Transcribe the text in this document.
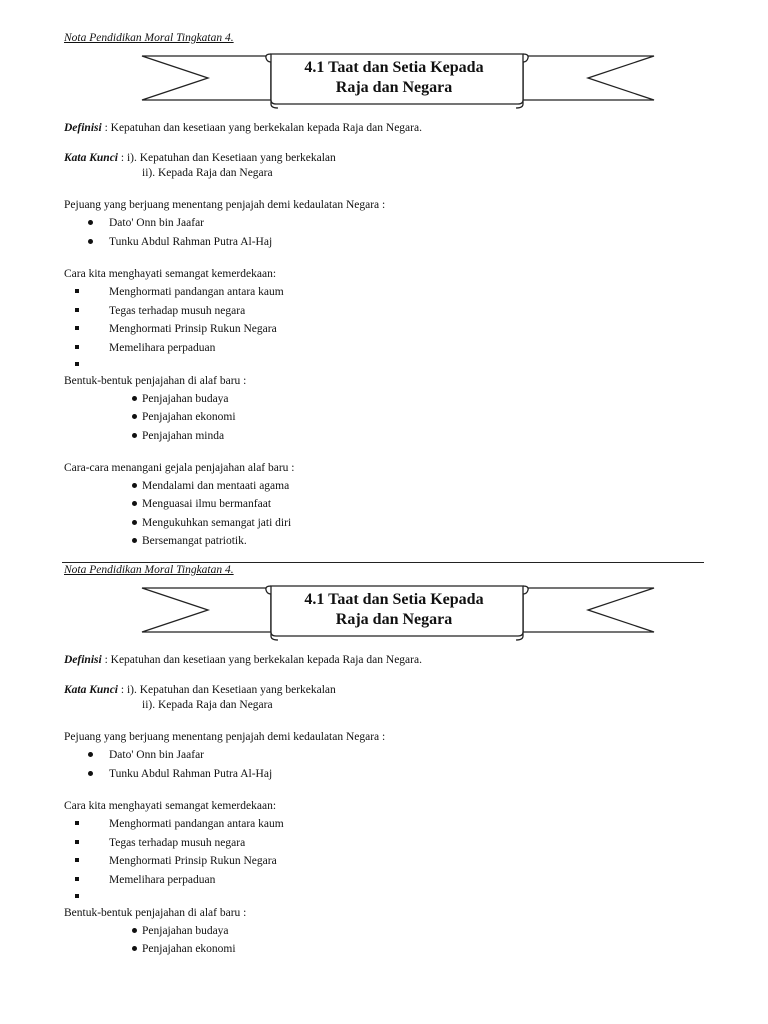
Nota Pendidikan Moral Tingkatan 4.
4.1 Taat dan Setia Kepada
Raja dan Negara
Definisi : Kepatuhan dan kesetiaan yang berkekalan kepada Raja dan Negara.
Kata Kunci : i). Kepatuhan dan Kesetiaan yang berkekalan
ii). Kepada Raja dan Negara
Pejuang yang berjuang menentang penjajah demi kedaulatan Negara :
Dato' Onn bin Jaafar
Tunku Abdul Rahman Putra Al-Haj
Cara kita menghayati semangat kemerdekaan:
Menghormati pandangan antara kaum
Tegas terhadap musuh negara
Menghormati Prinsip Rukun Negara
Memelihara perpaduan
Bentuk-bentuk penjajahan di alaf baru :
Penjajahan budaya
Penjajahan ekonomi
Penjajahan minda
Cara-cara menangani gejala penjajahan alaf baru :
Mendalami dan mentaati agama
Menguasai ilmu bermanfaat
Mengukuhkan semangat jati diri
Bersemangat patriotik.
Nota Pendidikan Moral Tingkatan 4.
4.1 Taat dan Setia Kepada
Raja dan Negara
Definisi : Kepatuhan dan kesetiaan yang berkekalan kepada Raja dan Negara.
Kata Kunci : i). Kepatuhan dan Kesetiaan yang berkekalan
ii). Kepada Raja dan Negara
Pejuang yang berjuang menentang penjajah demi kedaulatan Negara :
Dato' Onn bin Jaafar
Tunku Abdul Rahman Putra Al-Haj
Cara kita menghayati semangat kemerdekaan:
Menghormati pandangan antara kaum
Tegas terhadap musuh negara
Menghormati Prinsip Rukun Negara
Memelihara perpaduan
Bentuk-bentuk penjajahan di alaf baru :
Penjajahan budaya
Penjajahan ekonomi
